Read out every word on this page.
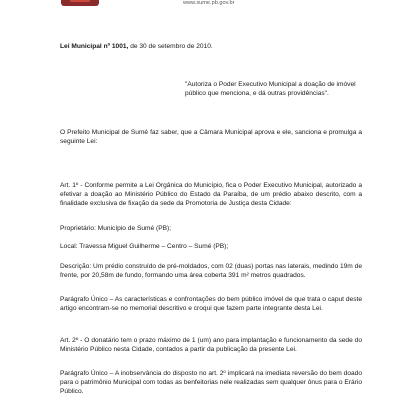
www.sume.pb.gov.br
Lei Municipal nº 1001, de 30 de setembro de 2010.
"Autoriza o Poder Executivo Municipal a doação de imóvel público que menciona, e dá outras providências".
O Prefeito Municipal de Sumé faz saber, que a Câmara Municipal aprova e ele, sanciona e promulga a seguinte Lei:
Art. 1º - Conforme permite a Lei Orgânica do Município, fica o Poder Executivo Municipal, autorizado a efetivar a doação ao Ministério Público do Estado da Paraíba, de um prédio abaixo descrito, com a finalidade exclusiva de fixação da sede da Promotoria de Justiça desta Cidade:
Proprietário: Município de Sumé (PB);
Local: Travessa Miguel Guilherme – Centro – Sumé (PB);
Descrição: Um prédio construído de pré-moldados, com 02 (duas) portas nas laterais, medindo 19m de frente, por 20,58m de fundo, formando uma área coberta 391 m² metros quadrados.
Parágrafo Único – As características e confrontações do bem público imóvel de que trata o caput deste artigo encontram-se no memorial descritivo e croqui que fazem parte integrante desta Lei.
Art. 2º - O donatário tem o prazo máximo de 1 (um) ano para implantação e funcionamento da sede do Ministério Público nesta Cidade, contados a partir da publicação da presente Lei.
Parágrafo Único – A inobservância do disposto no art. 2º implicará na imediata reversão do bem doado para o patrimônio Municipal com todas as benfeitorias nele realizadas sem qualquer ônus para o Erário Público.
